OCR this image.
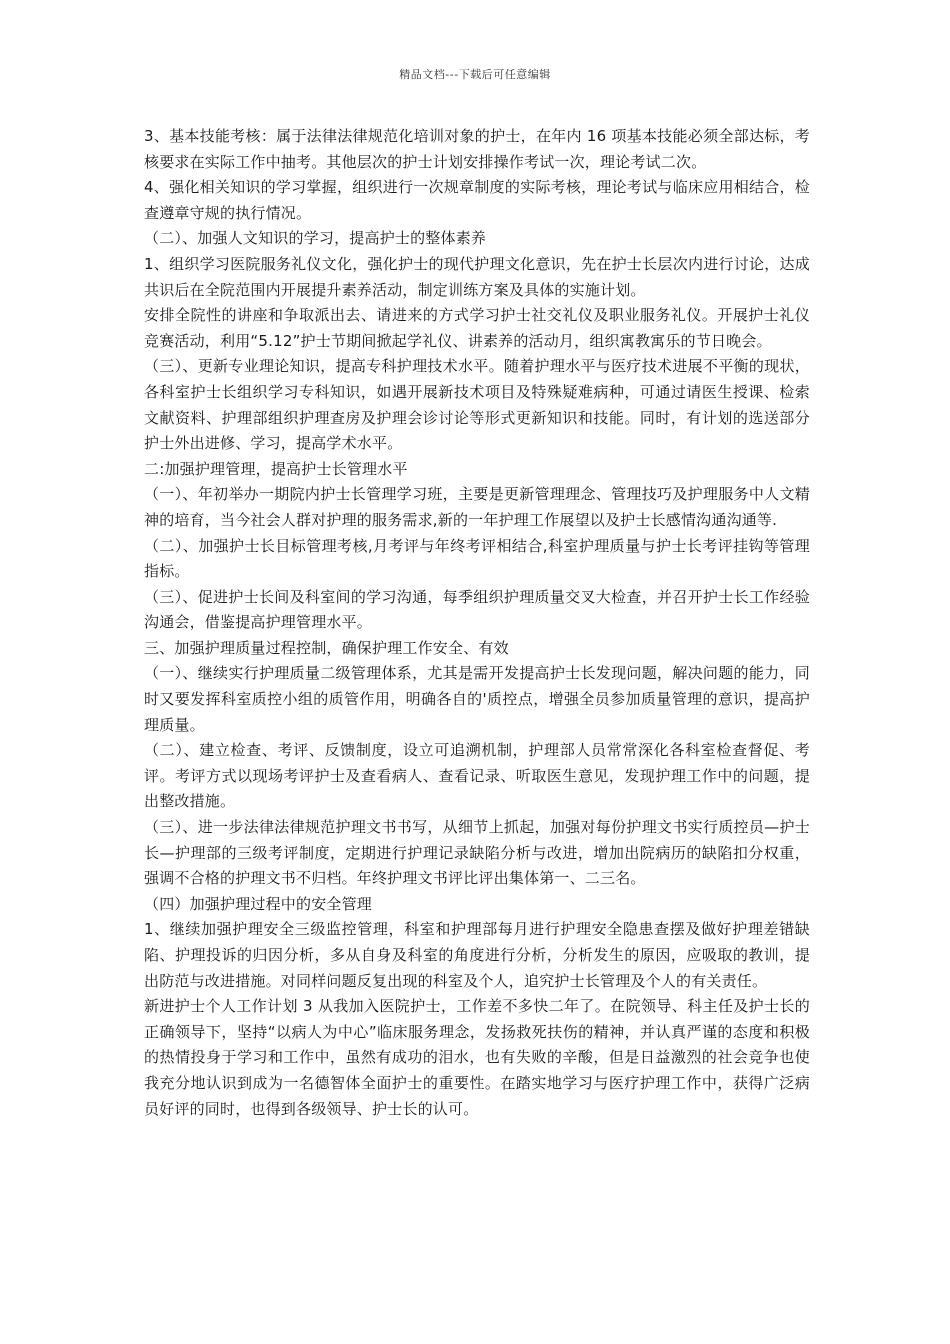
精品文档---下载后可任意编辑

3、基本技能考核：属于法律法律规范化培训对象的护士，在年内 16 项基本技能必须全部达标，考核要求在实际工作中抽考。其他层次的护士计划安排操作考试一次，理论考试二次。

4、强化相关知识的学习掌握，组织进行一次规章制度的实际考核，理论考试与临床应用相结合，检查遵章守规的执行情况。

（二）、加强人文知识的学习，提高护士的整体素养

1、组织学习医院服务礼仪文化，强化护士的现代护理文化意识，先在护士长层次内进行讨论，达成共识后在全院范围内开展提升素养活动，制定训练方案及具体的实施计划。

安排全院性的讲座和争取派出去、请进来的方式学习护士社交礼仪及职业服务礼仪。开展护士礼仪竞赛活动，利用“5.12”护士节期间掀起学礼仪、讲素养的活动月，组织寓教寓乐的节日晚会。

（三）、更新专业理论知识，提高专科护理技术水平。随着护理水平与医疗技术进展不平衡的现状，各科室护士长组织学习专科知识，如遇开展新技术项目及特殊疑难病种，可通过请医生授课、检索文献资料、护理部组织护理查房及护理会诊讨论等形式更新知识和技能。同时，有计划的选送部分护士外出进修、学习，提高学术水平。

二:加强护理管理，提高护士长管理水平

（一）、年初举办一期院内护士长管理学习班，主要是更新管理理念、管理技巧及护理服务中人文精神的培育，当今社会人群对护理的服务需求,新的一年护理工作展望以及护士长感情沟通沟通等.

（二）、加强护士长目标管理考核,月考评与年终考评相结合,科室护理质量与护士长考评挂钩等管理指标。

（三）、促进护士长间及科室间的学习沟通，每季组织护理质量交叉大检查，并召开护士长工作经验沟通会，借鉴提高护理管理水平。

三、加强护理质量过程控制，确保护理工作安全、有效

（一）、继续实行护理质量二级管理体系，尤其是需开发提高护士长发现问题，解决问题的能力，同时又要发挥科室质控小组的质管作用，明确各自的'质控点，增强全员参加质量管理的意识，提高护理质量。

（二）、建立检查、考评、反馈制度，设立可追溯机制，护理部人员常常深化各科室检查督促、考评。考评方式以现场考评护士及查看病人、查看记录、听取医生意见，发现护理工作中的问题，提出整改措施。

（三）、进一步法律法律规范护理文书书写，从细节上抓起，加强对每份护理文书实行质控员—护士长—护理部的三级考评制度，定期进行护理记录缺陷分析与改进，增加出院病历的缺陷扣分权重，强调不合格的护理文书不归档。年终护理文书评比评出集体第一、二三名。

（四）加强护理过程中的安全管理

1、继续加强护理安全三级监控管理，科室和护理部每月进行护理安全隐患查摆及做好护理差错缺陷、护理投诉的归因分析，多从自身及科室的角度进行分析，分析发生的原因，应吸取的教训，提出防范与改进措施。对同样问题反复出现的科室及个人，追究护士长管理及个人的有关责任。

新进护士个人工作计划 3 从我加入医院护士，工作差不多快二年了。在院领导、科主任及护士长的正确领导下，坚持“以病人为中心”临床服务理念，发扬救死扶伤的精神，并认真严谨的态度和积极的热情投身于学习和工作中，虽然有成功的泪水，也有失败的辛酸，但是日益激烈的社会竞争也使我充分地认识到成为一名德智体全面护士的重要性。在踏实地学习与医疗护理工作中，获得广泛病员好评的同时，也得到各级领导、护士长的认可。
